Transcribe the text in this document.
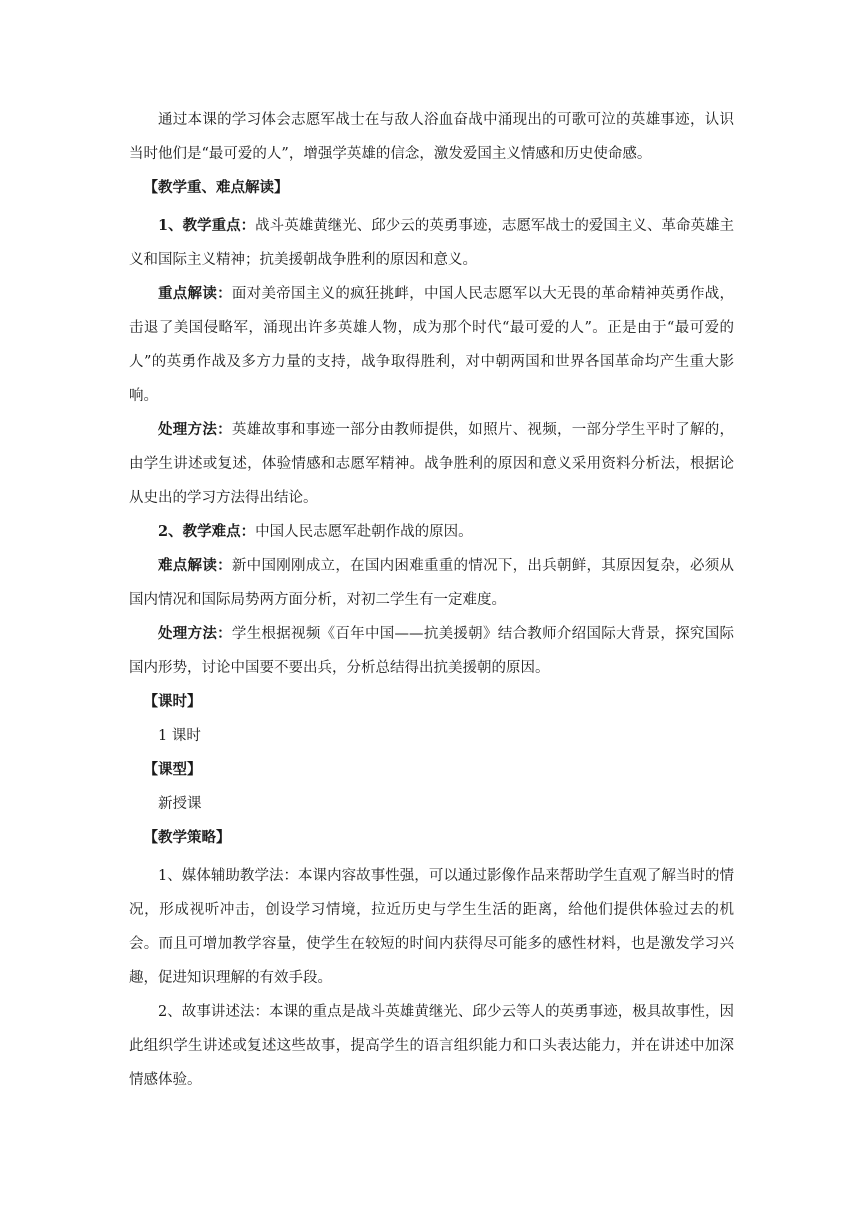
通过本课的学习体会志愿军战士在与敌人浴血奋战中涌现出的可歌可泣的英雄事迹，认识当时他们是“最可爱的人”，增强学英雄的信念，激发爱国主义情感和历史使命感。

【教学重、难点解读】

1、教学重点：战斗英雄黄继光、邱少云的英勇事迹，志愿军战士的爱国主义、革命英雄主义和国际主义精神；抗美援朝战争胜利的原因和意义。

重点解读：面对美帝国主义的疯狂挑衅，中国人民志愿军以大无畏的革命精神英勇作战，击退了美国侵略军，涌现出许多英雄人物，成为那个时代“最可爱的人”。正是由于“最可爱的人”的英勇作战及多方力量的支持，战争取得胜利，对中朝两国和世界各国革命均产生重大影响。

处理方法：英雄故事和事迹一部分由教师提供，如照片、视频，一部分学生平时了解的，由学生讲述或复述，体验情感和志愿军精神。战争胜利的原因和意义采用资料分析法，根据论从史出的学习方法得出结论。

2、教学难点：中国人民志愿军赴朝作战的原因。

难点解读：新中国刚刚成立，在国内困难重重的情况下，出兵朝鲜，其原因复杂，必须从国内情况和国际局势两方面分析，对初二学生有一定难度。

处理方法：学生根据视频《百年中国——抗美援朝》结合教师介绍国际大背景，探究国际国内形势，讨论中国要不要出兵，分析总结得出抗美援朝的原因。

【课时】

1 课时

【课型】

新授课

【教学策略】

1、媒体辅助教学法：本课内容故事性强，可以通过影像作品来帮助学生直观了解当时的情况，形成视听冲击，创设学习情境，拉近历史与学生生活的距离，给他们提供体验过去的机会。而且可增加教学容量，使学生在较短的时间内获得尽可能多的感性材料，也是激发学习兴趣，促进知识理解的有效手段。

2、故事讲述法：本课的重点是战斗英雄黄继光、邱少云等人的英勇事迹，极具故事性，因此组织学生讲述或复述这些故事，提高学生的语言组织能力和口头表达能力，并在讲述中加深情感体验。
